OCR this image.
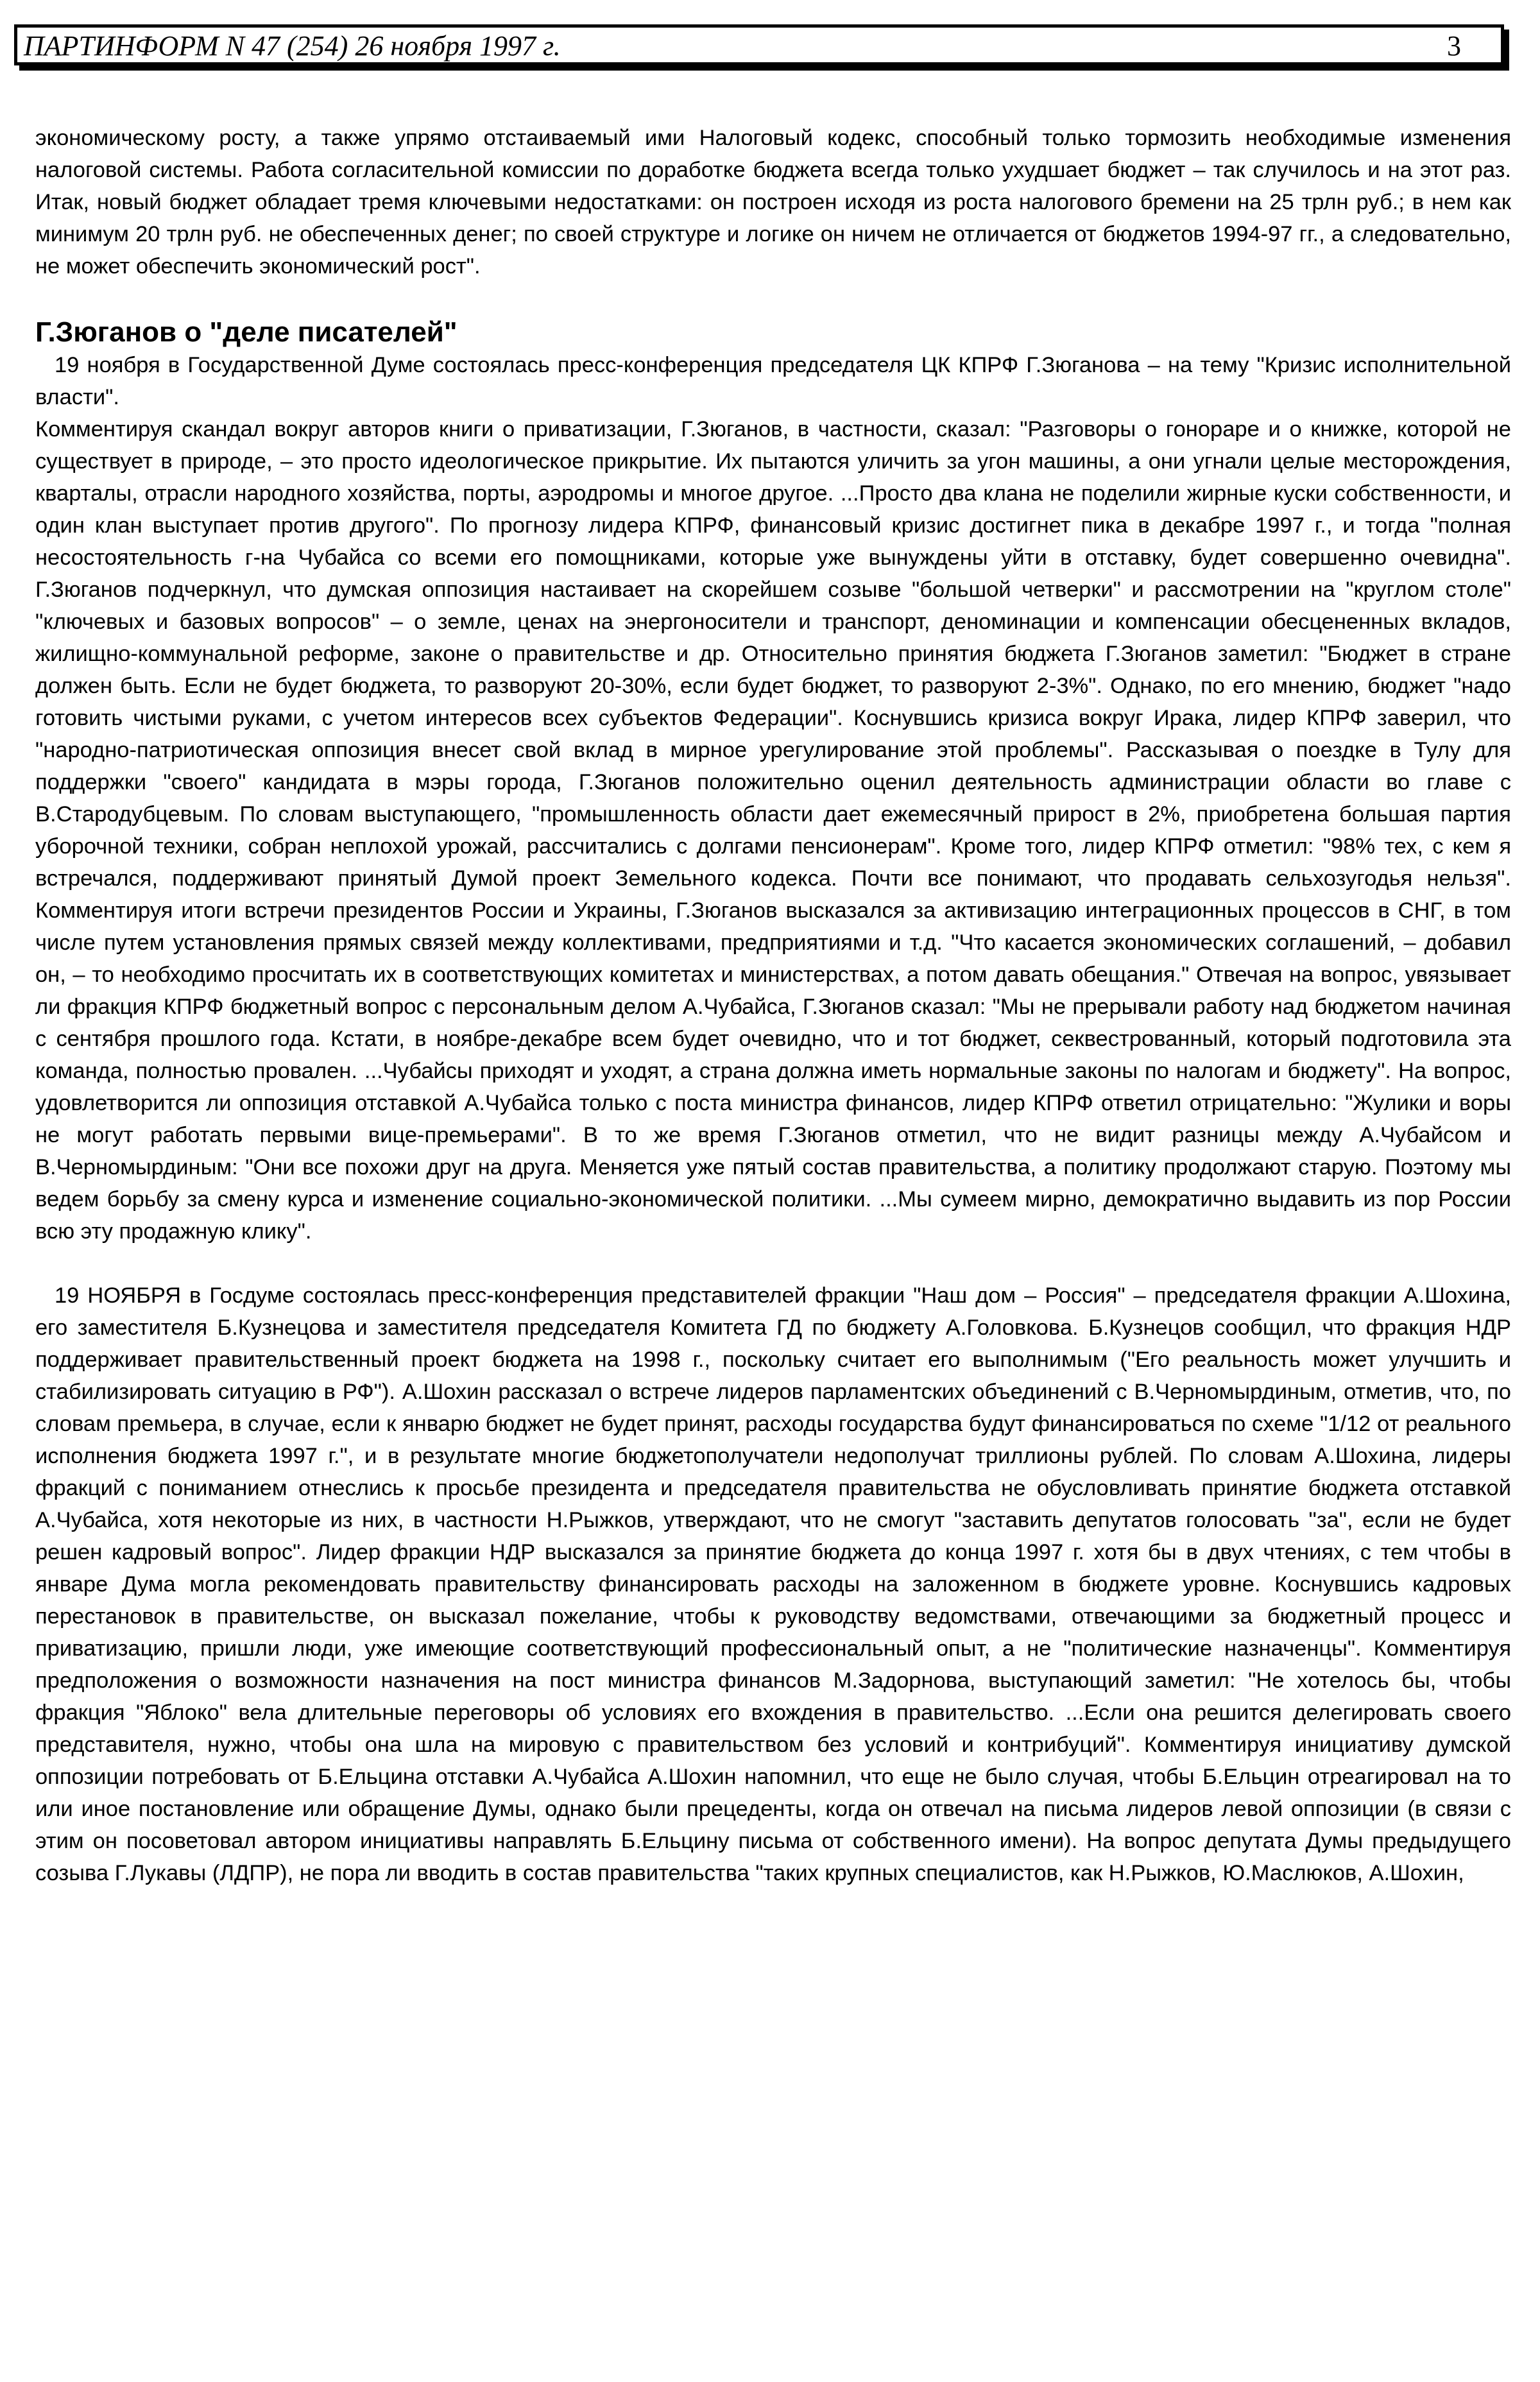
ПАРТИНФОРМ N 47 (254) 26 ноября 1997 г.	3

экономическому росту, а также упрямо отстаиваемый ими Налоговый кодекс, способный только тормозить необходимые изменения налоговой системы. Работа согласительной комиссии по доработке бюджета всегда только ухудшает бюджет – так случилось и на этот раз. Итак, новый бюджет обладает тремя ключевыми недостатками: он построен исходя из роста налогового бремени на 25 трлн руб.; в нем как минимум 20 трлн руб. не обеспеченных денег; по своей структуре и логике он ничем не отличается от бюджетов 1994-97 гг., а следовательно, не может обеспечить экономический рост".

Г.Зюганов о "деле писателей"

19 ноября в Государственной Думе состоялась пресс-конференция председателя ЦК КПРФ Г.Зюганова – на тему "Кризис исполнительной власти".

Комментируя скандал вокруг авторов книги о приватизации, Г.Зюганов, в частности, сказал: "Разговоры о гонораре и о книжке, которой не существует в природе, – это просто идеологическое прикрытие. Их пытаются уличить за угон машины, а они угнали целые месторождения, кварталы, отрасли народного хозяйства, порты, аэродромы и многое другое. ...Просто два клана не поделили жирные куски собственности, и один клан выступает против другого". По прогнозу лидера КПРФ, финансовый кризис достигнет пика в декабре 1997 г., и тогда "полная несостоятельность г-на Чубайса со всеми его помощниками, которые уже вынуждены уйти в отставку, будет совершенно очевидна". Г.Зюганов подчеркнул, что думская оппозиция настаивает на скорейшем созыве "большой четверки" и рассмотрении на "круглом столе" "ключевых и базовых вопросов" – о земле, ценах на энергоносители и транспорт, деноминации и компенсации обесцененных вкладов, жилищно-коммунальной реформе, законе о правительстве и др. Относительно принятия бюджета Г.Зюганов заметил: "Бюджет в стране должен быть. Если не будет бюджета, то разворуют 20-30%, если будет бюджет, то разворуют 2-3%". Однако, по его мнению, бюджет "надо готовить чистыми руками, с учетом интересов всех субъектов Федерации". Коснувшись кризиса вокруг Ирака, лидер КПРФ заверил, что "народно-патриотическая оппозиция внесет свой вклад в мирное урегулирование этой проблемы". Рассказывая о поездке в Тулу для поддержки "своего" кандидата в мэры города, Г.Зюганов положительно оценил деятельность администрации области во главе с В.Стародубцевым. По словам выступающего, "промышленность области дает ежемесячный прирост в 2%, приобретена большая партия уборочной техники, собран неплохой урожай, рассчитались с долгами пенсионерам". Кроме того, лидер КПРФ отметил: "98% тех, с кем я встречался, поддерживают принятый Думой проект Земельного кодекса. Почти все понимают, что продавать сельхозугодья нельзя". Комментируя итоги встречи президентов России и Украины, Г.Зюганов высказался за активизацию интеграционных процессов в СНГ, в том числе путем установления прямых связей между коллективами, предприятиями и т.д. "Что касается экономических соглашений, – добавил он, – то необходимо просчитать их в соответствующих комитетах и министерствах, а потом давать обещания." Отвечая на вопрос, увязывает ли фракция КПРФ бюджетный вопрос с персональным делом А.Чубайса, Г.Зюганов сказал: "Мы не прерывали работу над бюджетом начиная с сентября прошлого года. Кстати, в ноябре-декабре всем будет очевидно, что и тот бюджет, секвестрованный, который подготовила эта команда, полностью провален. ...Чубайсы приходят и уходят, а страна должна иметь нормальные законы по налогам и бюджету". На вопрос, удовлетворится ли оппозиция отставкой А.Чубайса только с поста министра финансов, лидер КПРФ ответил отрицательно: "Жулики и воры не могут работать первыми вице-премьерами". В то же время Г.Зюганов отметил, что не видит разницы между А.Чубайсом и В.Черномырдиным: "Они все похожи друг на друга. Меняется уже пятый состав правительства, а политику продолжают старую. Поэтому мы ведем борьбу за смену курса и изменение социально-экономической политики. ...Мы сумеем мирно, демократично выдавить из пор России всю эту продажную клику".

19 НОЯБРЯ в Госдуме состоялась пресс-конференция представителей фракции "Наш дом – Россия" – председателя фракции А.Шохина, его заместителя Б.Кузнецова и заместителя председателя Комитета ГД по бюджету А.Головкова. Б.Кузнецов сообщил, что фракция НДР поддерживает правительственный проект бюджета на 1998 г., поскольку считает его выполнимым ("Его реальность может улучшить и стабилизировать ситуацию в РФ"). А.Шохин рассказал о встрече лидеров парламентских объединений с В.Черномырдиным, отметив, что, по словам премьера, в случае, если к январю бюджет не будет принят, расходы государства будут финансироваться по схеме "1/12 от реального исполнения бюджета 1997 г.", и в результате многие бюджетополучатели недополучат триллионы рублей. По словам А.Шохина, лидеры фракций с пониманием отнеслись к просьбе президента и председателя правительства не обусловливать принятие бюджета отставкой А.Чубайса, хотя некоторые из них, в частности Н.Рыжков, утверждают, что не смогут "заставить депутатов голосовать "за", если не будет решен кадровый вопрос". Лидер фракции НДР высказался за принятие бюджета до конца 1997 г. хотя бы в двух чтениях, с тем чтобы в январе Дума могла рекомендовать правительству финансировать расходы на заложенном в бюджете уровне. Коснувшись кадровых перестановок в правительстве, он высказал пожелание, чтобы к руководству ведомствами, отвечающими за бюджетный процесс и приватизацию, пришли люди, уже имеющие соответствующий профессиональный опыт, а не "политические назначенцы". Комментируя предположения о возможности назначения на пост министра финансов М.Задорнова, выступающий заметил: "Не хотелось бы, чтобы фракция "Яблоко" вела длительные переговоры об условиях его вхождения в правительство. ...Если она решится делегировать своего представителя, нужно, чтобы она шла на мировую с правительством без условий и контрибуций". Комментируя инициативу думской оппозиции потребовать от Б.Ельцина отставки А.Чубайса А.Шохин напомнил, что еще не было случая, чтобы Б.Ельцин отреагировал на то или иное постановление или обращение Думы, однако были прецеденты, когда он отвечал на письма лидеров левой оппозиции (в связи с этим он посоветовал автором инициативы направлять Б.Ельцину письма от собственного имени). На вопрос депутата Думы предыдущего созыва Г.Лукавы (ЛДПР), не пора ли вводить в состав правительства "таких крупных специалистов, как Н.Рыжков, Ю.Маслюков, А.Шохин,
